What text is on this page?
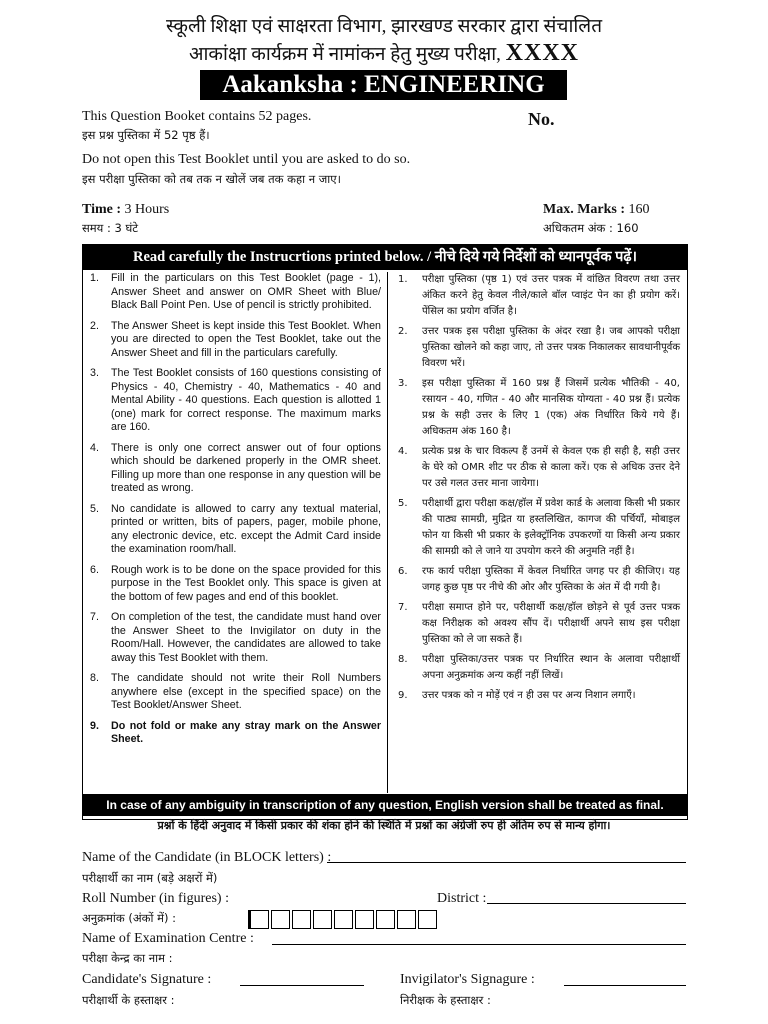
स्कूली शिक्षा एवं साक्षरता विभाग, झारखण्ड सरकार द्वारा संचालित
आकांक्षा कार्यक्रम में नामांकन हेतु मुख्य परीक्षा, XXXX
Aakanksha : ENGINEERING
This Question Booket contains 52 pages.
इस प्रश्न पुस्तिका में 52 पृष्ठ हैं।
No.
Do not open this Test Booklet until you are asked to do so.
इस परीक्षा पुस्तिका को तब तक न खोलें जब तक कहा न जाए।
Time : 3 Hours
समय : 3 घंटे
Max. Marks : 160
अधिकतम अंक : 160
Read carefully the Instrucrtions printed below. / नीचे दिये गये निर्देशों को ध्यानपूर्वक पढ़ें।
1. Fill in the particulars on this Test Booklet (page - 1), Answer Sheet and answer on OMR Sheet with Blue/ Black Ball Point Pen. Use of pencil is strictly prohibited.
2. The Answer Sheet is kept inside this Test Booklet. When you are directed to open the Test Booklet, take out the Answer Sheet and fill in the particulars carefully.
3. The Test Booklet consists of 160 questions consisting of Physics - 40, Chemistry - 40, Mathematics - 40 and Mental Ability - 40 questions. Each question is allotted 1 (one) mark for correct response. The maximum marks are 160.
4. There is only one correct answer out of four options which should be darkened properly in the OMR sheet. Filling up more than one response in any question will be treated as wrong.
5. No candidate is allowed to carry any textual material, printed or written, bits of papers, pager, mobile phone, any electronic device, etc. except the Admit Card inside the examination room/hall.
6. Rough work is to be done on the space provided for this purpose in the Test Booklet only. This space is given at the bottom of few pages and end of this booklet.
7. On completion of the test, the candidate must hand over the Answer Sheet to the Invigilator on duty in the Room/Hall. However, the candidates are allowed to take away this Test Booklet with them.
8. The candidate should not write their Roll Numbers anywhere else (except in the specified space) on the Test Booklet/Answer Sheet.
9. Do not fold or make any stray mark on the Answer Sheet.
1. परीक्षा पुस्तिका (पृष्ठ 1) एवं उत्तर पत्रक में वांछित विवरण तथा उत्तर अंकित करने हेतु केवल नीले/काले बॉल प्वाइंट पेन का ही प्रयोग करें। पेंसिल का प्रयोग वर्जित है।
2. उत्तर पत्रक इस परीक्षा पुस्तिका के अंदर रखा है। जब आपको परीक्षा पुस्तिका खोलने को कहा जाए, तो उत्तर पत्रक निकालकर सावधानीपूर्वक विवरण भरें।
3. इस परीक्षा पुस्तिका में 160 प्रश्न हैं जिसमें प्रत्येक भौतिकी - 40, रसायन - 40, गणित - 40 और मानसिक योग्यता - 40 प्रश्न हैं। प्रत्येक प्रश्न के सही उत्तर के लिए 1 (एक) अंक निर्धारित किये गये हैं। अधिकतम अंक 160 है।
4. प्रत्येक प्रश्न के चार विकल्प हैं उनमें से केवल एक ही सही है, सही उत्तर के घेरे को OMR शीट पर ठीक से काला करें। एक से अधिक उत्तर देने पर उसे गलत उत्तर माना जायेगा।
5. परीक्षार्थी द्वारा परीक्षा कक्ष/हॉल में प्रवेश कार्ड के अलावा किसी भी प्रकार की पाठ्य सामग्री, मुद्रित या हस्तलिखित, कागज की पर्चियाँ, मोबाइल फोन या किसी भी प्रकार के इलेक्ट्रॉनिक उपकरणों या किसी अन्य प्रकार की सामग्री को ले जाने या उपयोग करने की अनुमति नहीं है।
6. रफ कार्य परीक्षा पुस्तिका में केवल निर्धारित जगह पर ही कीजिए। यह जगह कुछ पृष्ठ पर नीचे की ओर और पुस्तिका के अंत में दी गयी है।
7. परीक्षा समाप्त होने पर, परीक्षार्थी कक्ष/हॉल छोड़ने से पूर्व उत्तर पत्रक कक्ष निरीक्षक को अवश्य सौंप दें। परीक्षार्थी अपने साथ इस परीक्षा पुस्तिका को ले जा सकते हैं।
8. परीक्षा पुस्तिका/उत्तर पत्रक पर निर्धारित स्थान के अलावा परीक्षार्थी अपना अनुक्रमांक अन्य कहीं नहीं लिखें।
9. उत्तर पत्रक को न मोड़ें एवं न ही उस पर अन्य निशान लगाएँ।
In case of any ambiguity in transcription of any question, English version shall be treated as final.
प्रश्नों के हिंदी अनुवाद में किसी प्रकार की शंका होने की स्थिति में प्रश्नों का अंग्रेजी रुप ही अंतिम रुप से मान्य होगा।
Name of the Candidate (in BLOCK letters) :
परीक्षार्थी का नाम (बड़े अक्षरों में)
Roll Number (in figures) :	District :
अनुक्रमांक (अंकों में) :
Name of Examination Centre :
परीक्षा केन्द्र का नाम :
Candidate's Signature :	Invigilator's Signagure :
परीक्षार्थी के हस्ताक्षर :	निरीक्षक के हस्ताक्षर :
